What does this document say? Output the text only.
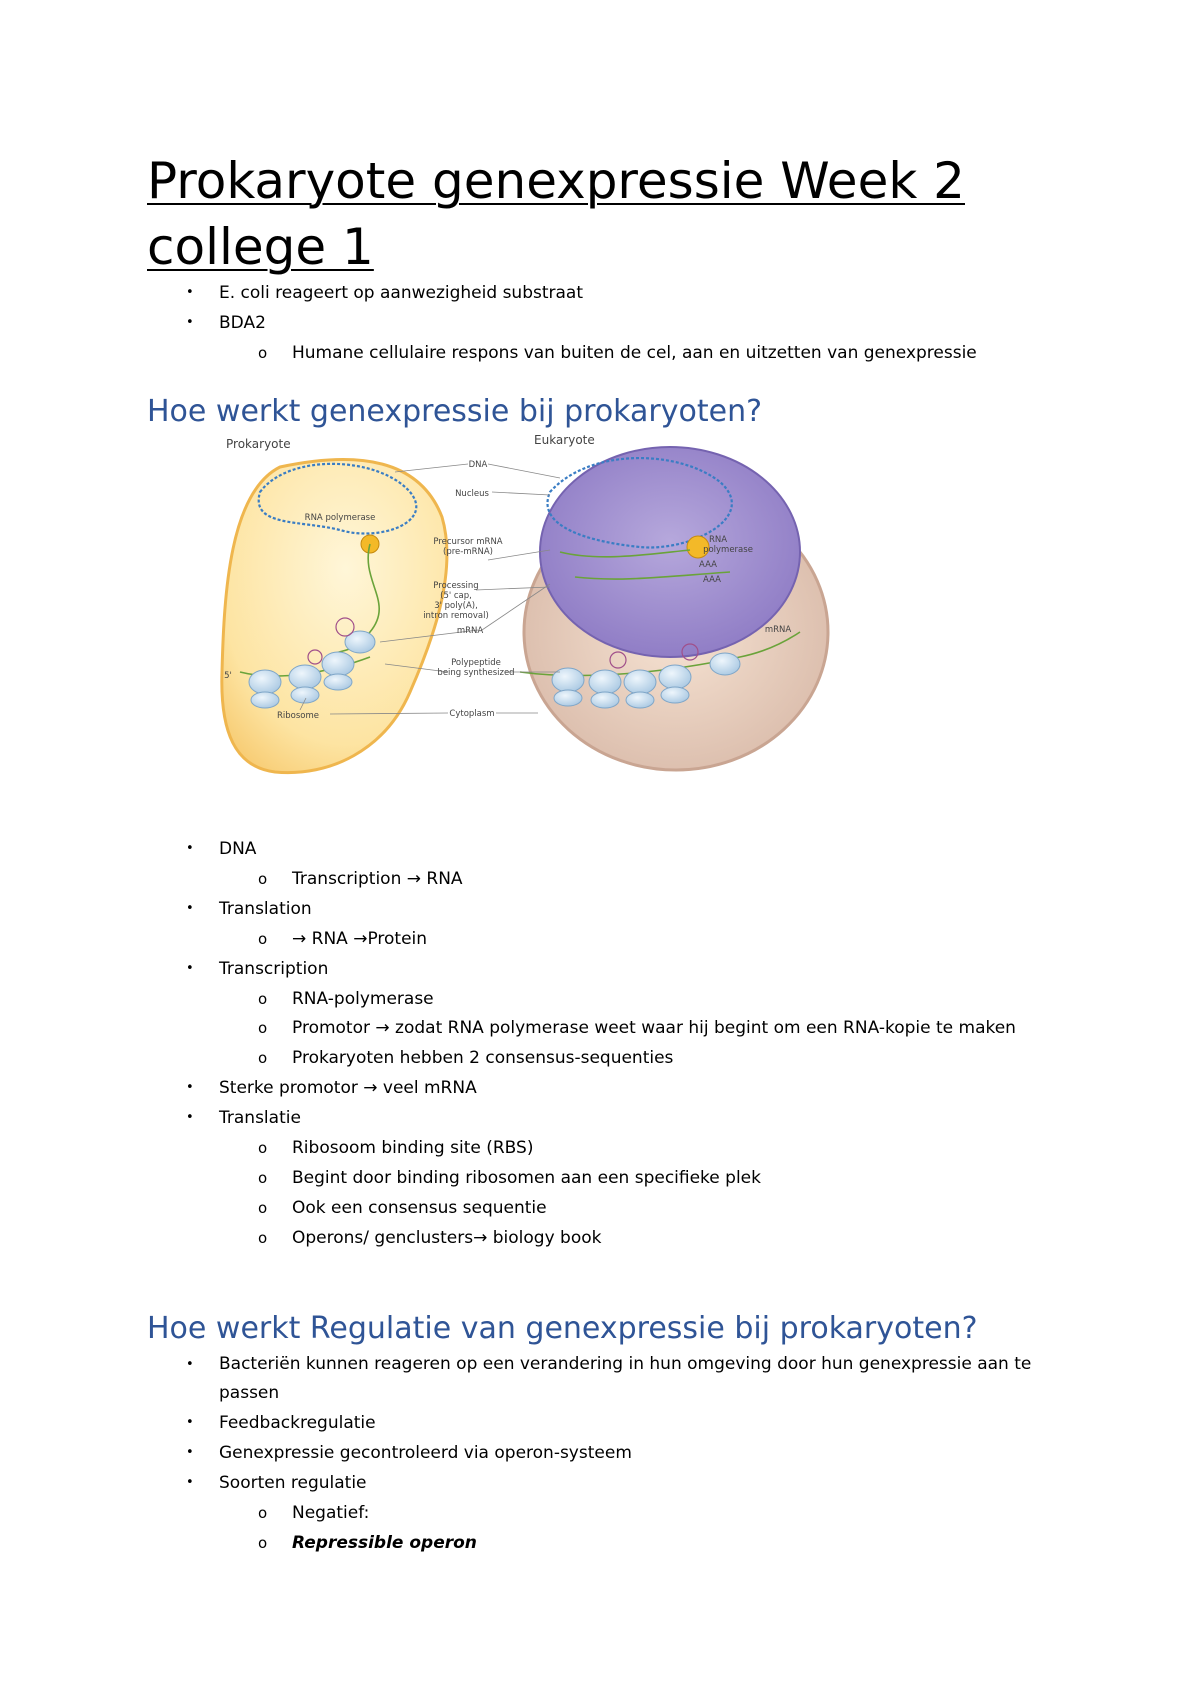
Prokaryote genexpressie Week 2 college 1
• E. coli reageert op aanwezigheid substraat
• BDA2
o Humane cellulaire respons van buiten de cel, aan en uitzetten van genexpressie
Hoe werkt genexpressie bij prokaryoten?
Prokaryote	Eukaryote
DNA
Nucleus
RNA polymerase
Precursor mRNA
(pre-mRNA)
Processing
(5' cap,
3' poly(A),
intron removal)
mRNA
Polypeptide
being synthesized
Ribosome	Cytoplasm
RNA
polymerase
5'
mRNA
AAA
AAA
• DNA
o Transcription → RNA
• Translation
o → RNA →Protein
• Transcription
o RNA-polymerase
o Promotor → zodat RNA polymerase weet waar hij begint om een RNA-kopie te maken
o Prokaryoten hebben 2 consensus-sequenties
• Sterke promotor → veel mRNA
• Translatie
o Ribosoom binding site (RBS)
o Begint door binding ribosomen aan een specifieke plek
o Ook een consensus sequentie
o Operons/ genclusters→ biology book
Hoe werkt Regulatie van genexpressie bij prokaryoten?
• Bacteriën kunnen reageren op een verandering in hun omgeving door hun genexpressie aan te passen
• Feedbackregulatie
• Genexpressie gecontroleerd via operon-systeem
• Soorten regulatie
o Negatief:
o Repressible operon
